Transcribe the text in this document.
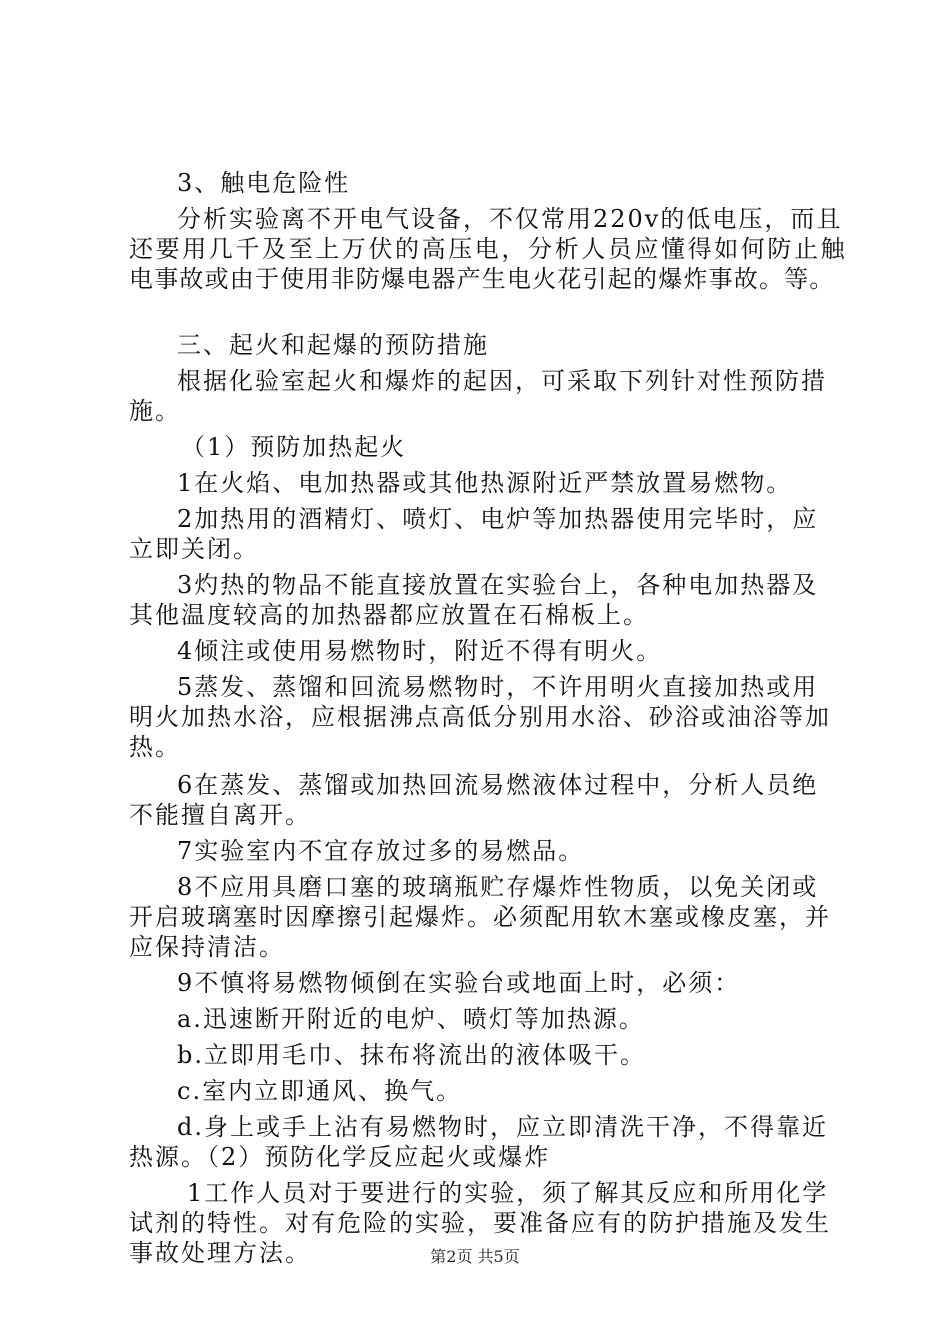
3、触电危险性
分析实验离不开电气设备，不仅常用220v的低电压，而且
还要用几千及至上万伏的高压电，分析人员应懂得如何防止触
电事故或由于使用非防爆电器产生电火花引起的爆炸事故。等。
三、起火和起爆的预防措施
根据化验室起火和爆炸的起因，可采取下列针对性预防措
施。
（1）预防加热起火
1在火焰、电加热器或其他热源附近严禁放置易燃物。
2加热用的酒精灯、喷灯、电炉等加热器使用完毕时，应
立即关闭。
3灼热的物品不能直接放置在实验台上，各种电加热器及
其他温度较高的加热器都应放置在石棉板上。
4倾注或使用易燃物时，附近不得有明火。
5蒸发、蒸馏和回流易燃物时，不许用明火直接加热或用
明火加热水浴，应根据沸点高低分别用水浴、砂浴或油浴等加
热。
6在蒸发、蒸馏或加热回流易燃液体过程中，分析人员绝
不能擅自离开。
7实验室内不宜存放过多的易燃品。
8不应用具磨口塞的玻璃瓶贮存爆炸性物质，以免关闭或
开启玻璃塞时因摩擦引起爆炸。必须配用软木塞或橡皮塞，并
应保持清洁。
9不慎将易燃物倾倒在实验台或地面上时，必须：
a.迅速断开附近的电炉、喷灯等加热源。
b.立即用毛巾、抹布将流出的液体吸干。
c.室内立即通风、换气。
d.身上或手上沾有易燃物时，应立即清洗干净，不得靠近
热源。（2）预防化学反应起火或爆炸
1工作人员对于要进行的实验，须了解其反应和所用化学
试剂的特性。对有危险的实验，要准备应有的防护措施及发生
事故处理方法。	第2页 共5页
